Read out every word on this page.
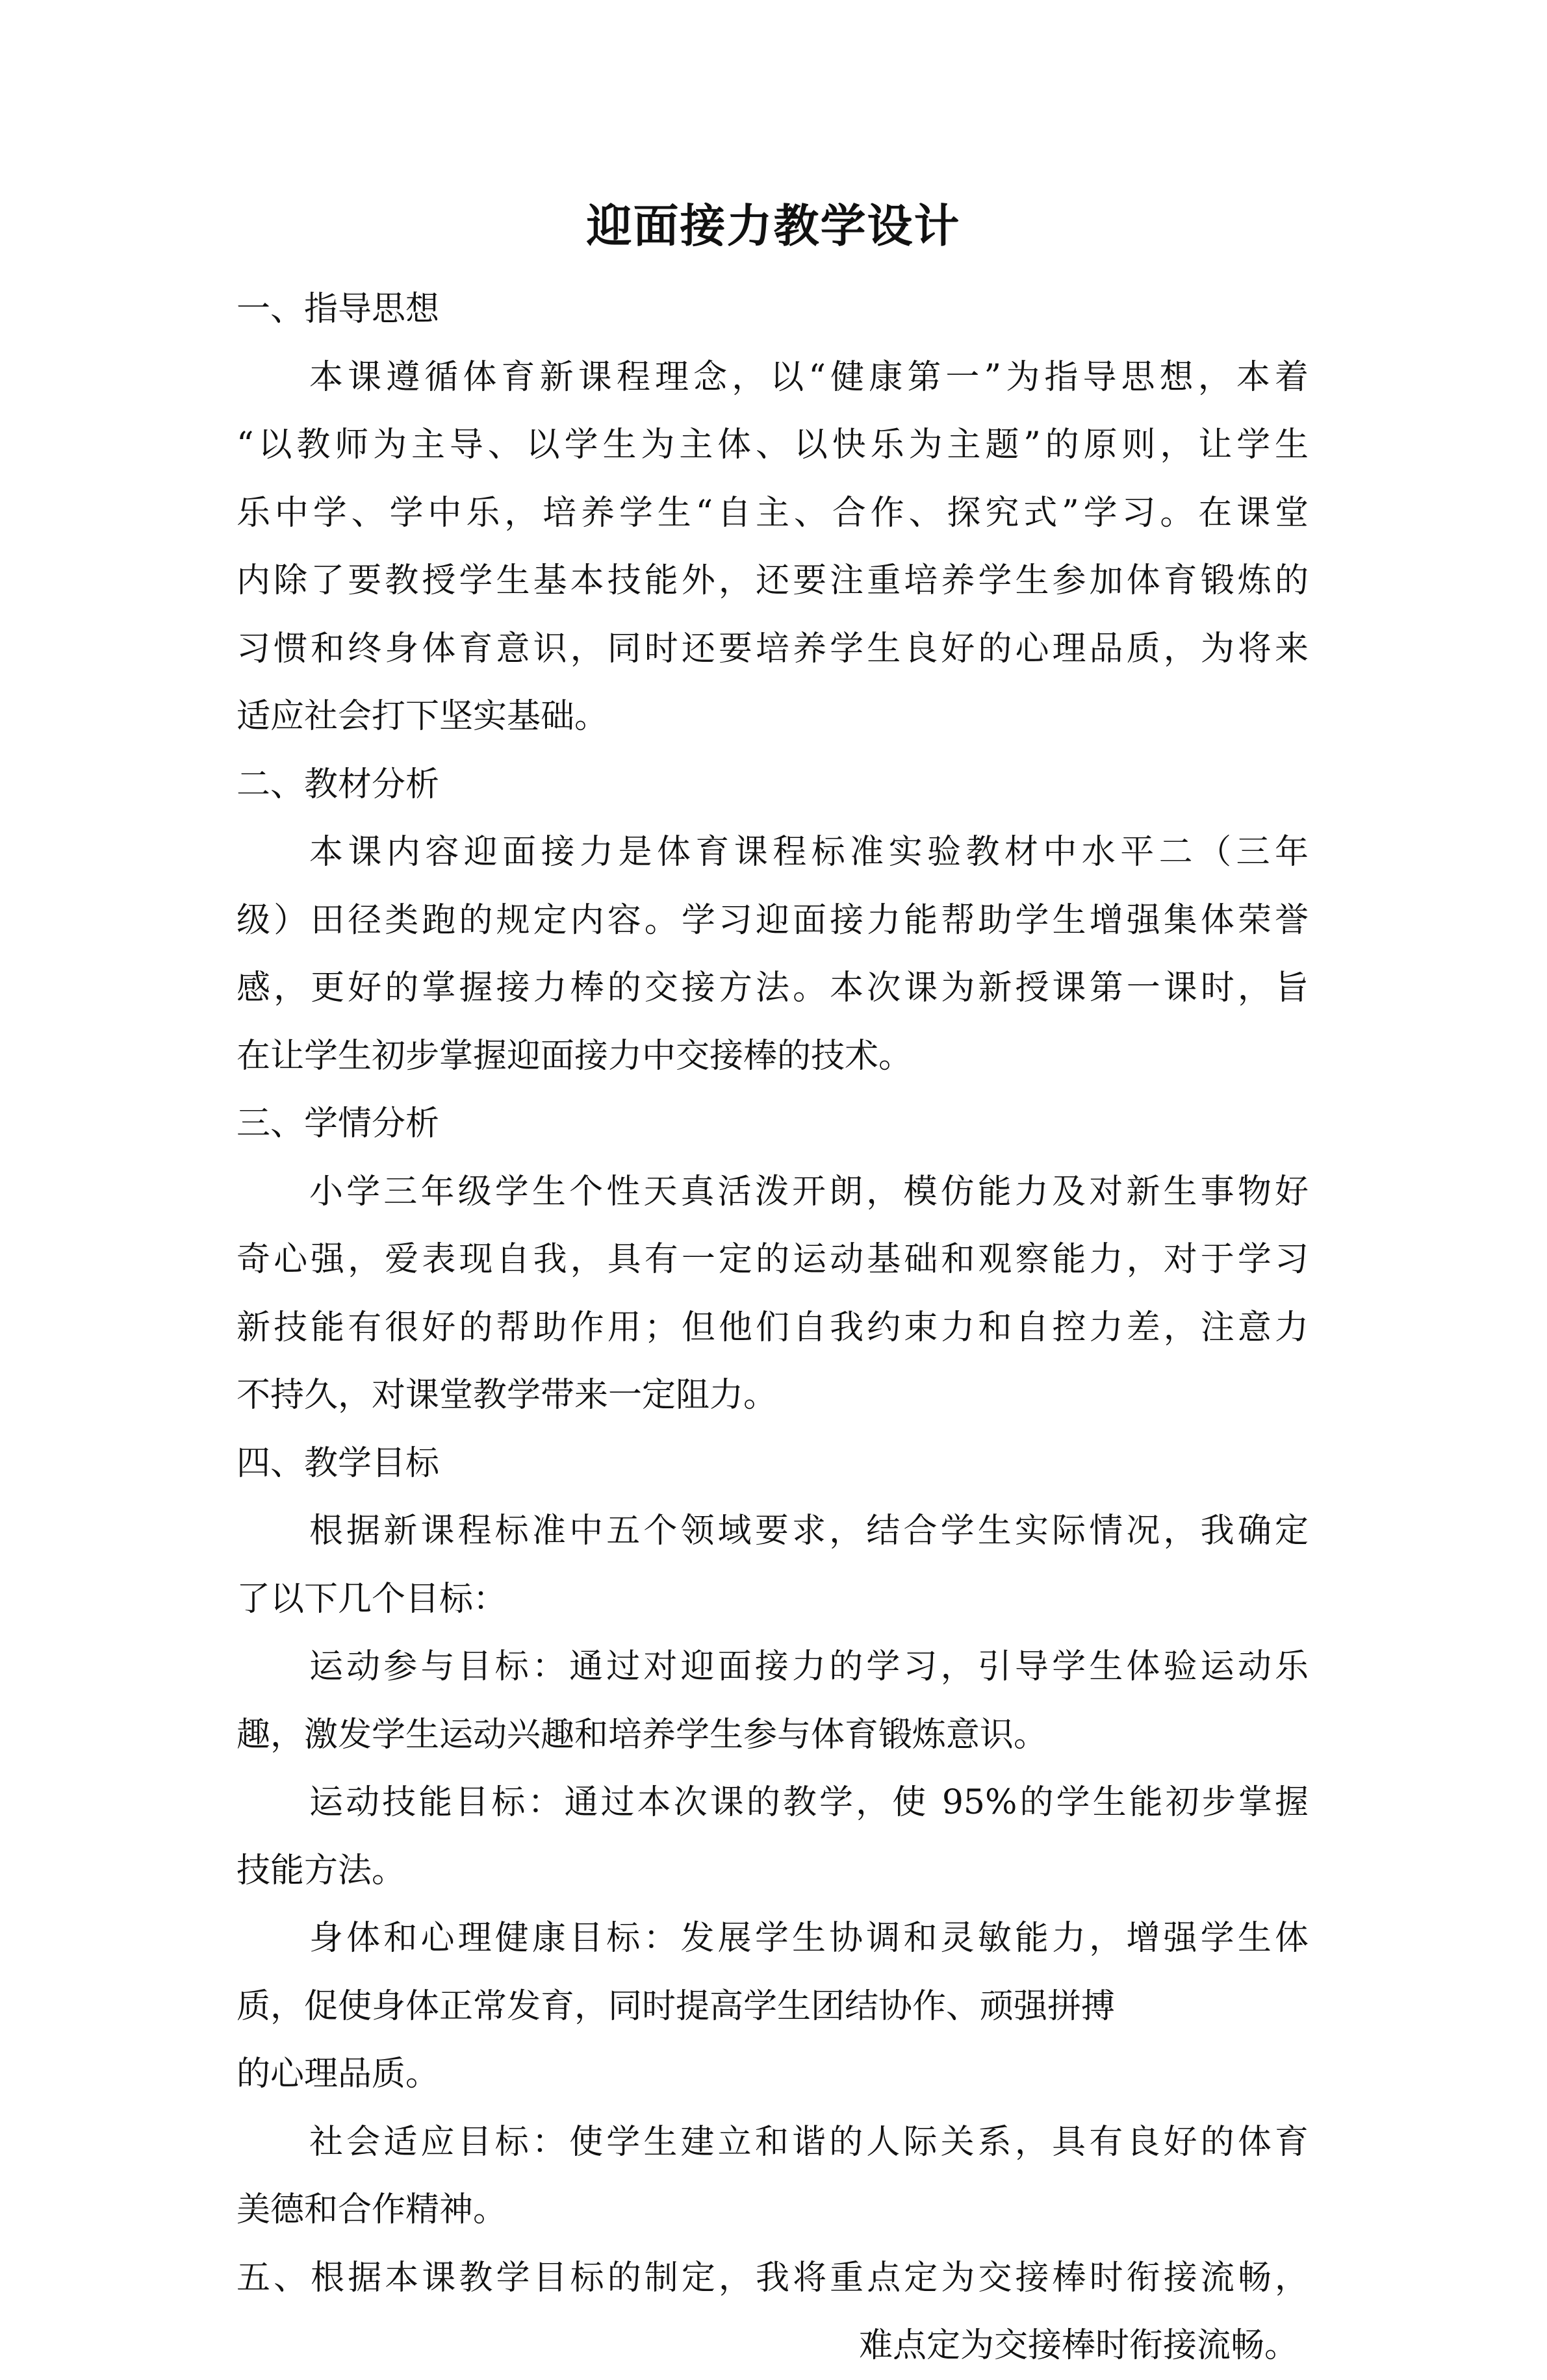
迎面接力教学设计
一、指导思想
本课遵循体育新课程理念，以“健康第一”为指导思想，本着
“以教师为主导、以学生为主体、以快乐为主题”的原则，让学生
乐中学、学中乐，培养学生“自主、合作、探究式”学习。在课堂
内除了要教授学生基本技能外，还要注重培养学生参加体育锻炼的
习惯和终身体育意识，同时还要培养学生良好的心理品质，为将来
适应社会打下坚实基础。
二、教材分析
本课内容迎面接力是体育课程标准实验教材中水平二（三年
级）田径类跑的规定内容。学习迎面接力能帮助学生增强集体荣誉
感，更好的掌握接力棒的交接方法。本次课为新授课第一课时，旨
在让学生初步掌握迎面接力中交接棒的技术。
三、学情分析
小学三年级学生个性天真活泼开朗，模仿能力及对新生事物好
奇心强，爱表现自我，具有一定的运动基础和观察能力，对于学习
新技能有很好的帮助作用；但他们自我约束力和自控力差，注意力
不持久，对课堂教学带来一定阻力。
四、教学目标
根据新课程标准中五个领域要求，结合学生实际情况，我确定
了以下几个目标：
运动参与目标：通过对迎面接力的学习，引导学生体验运动乐
趣，激发学生运动兴趣和培养学生参与体育锻炼意识。
运动技能目标：通过本次课的教学，使 95%的学生能初步掌握
技能方法。
身体和心理健康目标：发展学生协调和灵敏能力，增强学生体
质，促使身体正常发育，同时提高学生团结协作、顽强拼搏
的心理品质。
社会适应目标：使学生建立和谐的人际关系，具有良好的体育
美德和合作精神。
五、根据本课教学目标的制定，我将重点定为交接棒时衔接流畅，
难点定为交接棒时衔接流畅。
